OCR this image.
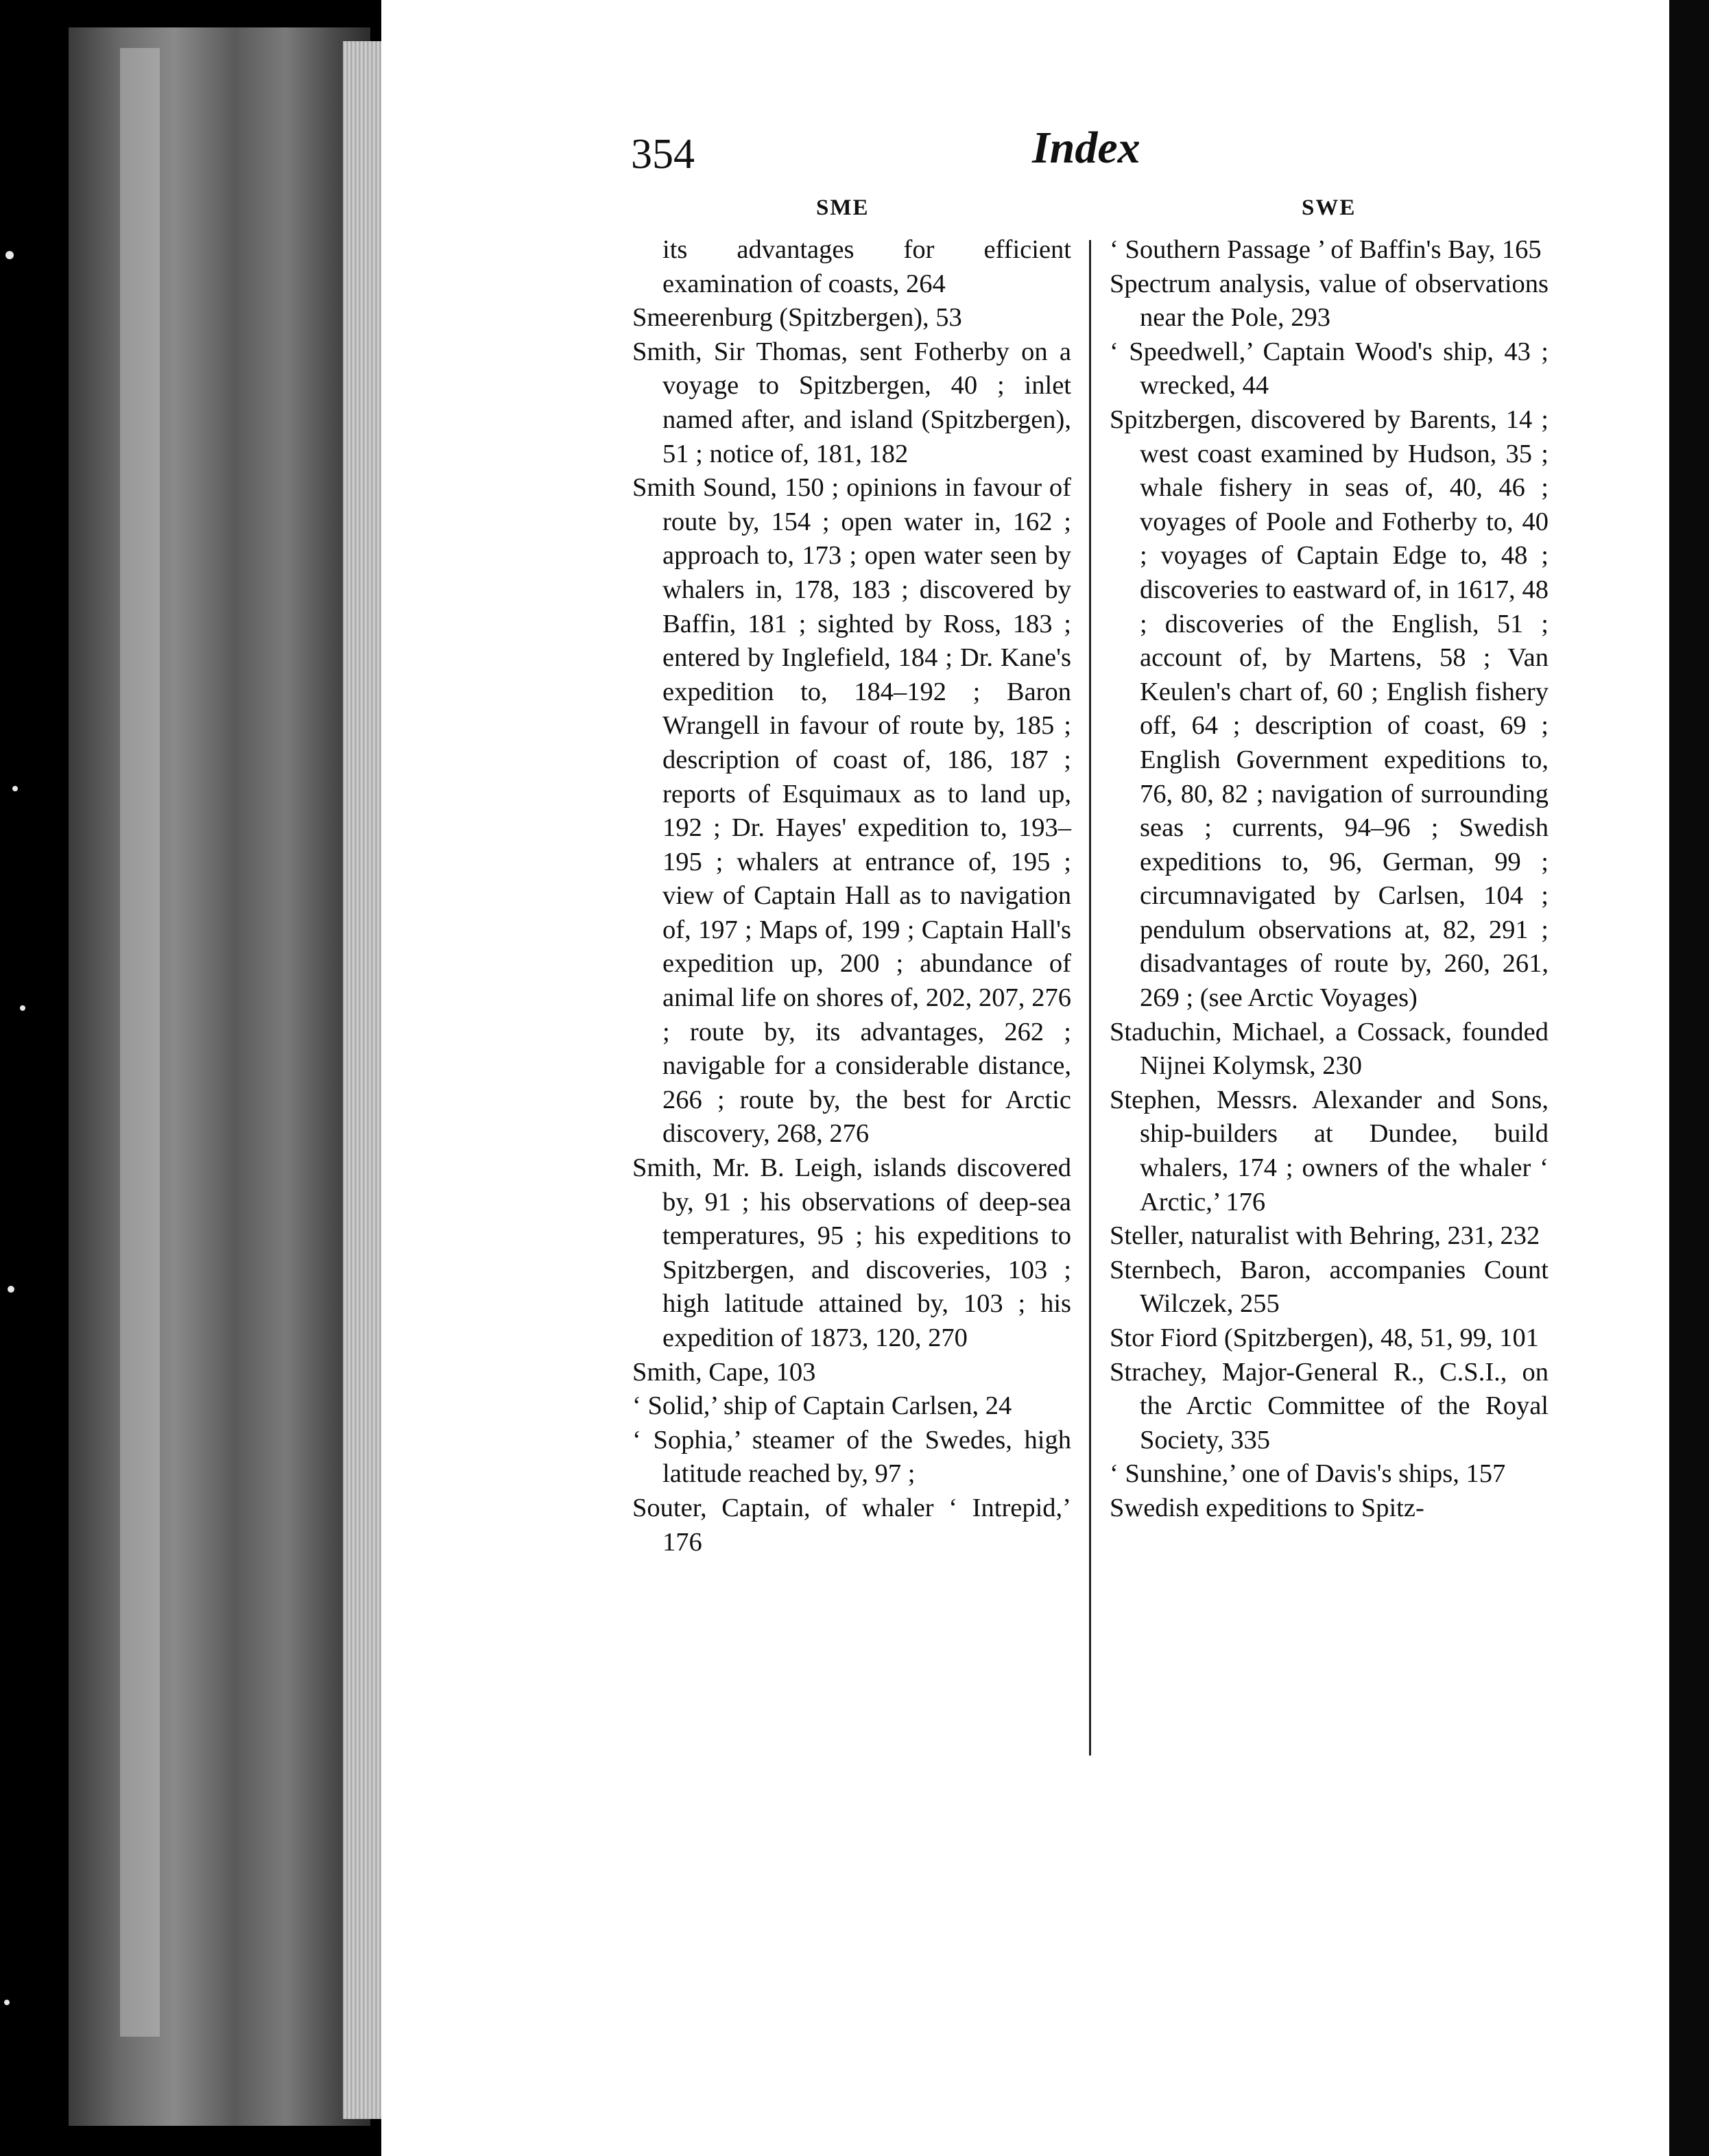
354	Index
SME	SWE

its advantages for efficient examination of coasts, 264

Smeerenburg (Spitzbergen), 53

Smith, Sir Thomas, sent Fotherby on a voyage to Spitzbergen, 40 ; inlet named after, and island (Spitzbergen), 51 ; notice of, 181, 182

Smith Sound, 150 ; opinions in favour of route by, 154 ; open water in, 162 ; approach to, 173 ; open water seen by whalers in, 178, 183 ; discovered by Baffin, 181 ; sighted by Ross, 183 ; entered by Inglefield, 184 ; Dr. Kane's expedition to, 184–192 ; Baron Wrangell in favour of route by, 185 ; description of coast of, 186, 187 ; reports of Esquimaux as to land up, 192 ; Dr. Hayes' expedition to, 193–195 ; whalers at entrance of, 195 ; view of Captain Hall as to navigation of, 197 ; Maps of, 199 ; Captain Hall's expedition up, 200 ; abundance of animal life on shores of, 202, 207, 276 ; route by, its advantages, 262 ; navigable for a considerable distance, 266 ; route by, the best for Arctic discovery, 268, 276

Smith, Mr. B. Leigh, islands discovered by, 91 ; his observations of deep-sea temperatures, 95 ; his expeditions to Spitzbergen, and discoveries, 103 ; high latitude attained by, 103 ; his expedition of 1873, 120, 270

Smith, Cape, 103

‘ Solid,’ ship of Captain Carlsen, 24

‘ Sophia,’ steamer of the Swedes, high latitude reached by, 97 ;

Souter, Captain, of whaler ‘ Intrepid,’ 176

‘ Southern Passage ’ of Baffin's Bay, 165

Spectrum analysis, value of observations near the Pole, 293

‘ Speedwell,’ Captain Wood's ship, 43 ; wrecked, 44

Spitzbergen, discovered by Barents, 14 ; west coast examined by Hudson, 35 ; whale fishery in seas of, 40, 46 ; voyages of Poole and Fotherby to, 40 ; voyages of Captain Edge to, 48 ; discoveries to eastward of, in 1617, 48 ; discoveries of the English, 51 ; account of, by Martens, 58 ; Van Keulen's chart of, 60 ; English fishery off, 64 ; description of coast, 69 ; English Government expeditions to, 76, 80, 82 ; navigation of surrounding seas ; currents, 94–96 ; Swedish expeditions to, 96, German, 99 ; circumnavigated by Carlsen, 104 ; pendulum observations at, 82, 291 ; disadvantages of route by, 260, 261, 269 ; (see Arctic Voyages)

Staduchin, Michael, a Cossack, founded Nijnei Kolymsk, 230

Stephen, Messrs. Alexander and Sons, ship-builders at Dundee, build whalers, 174 ; owners of the whaler ‘ Arctic,’ 176

Steller, naturalist with Behring, 231, 232

Sternbech, Baron, accompanies Count Wilczek, 255

Stor Fiord (Spitzbergen), 48, 51, 99, 101

Strachey, Major-General R., C.S.I., on the Arctic Committee of the Royal Society, 335

‘ Sunshine,’ one of Davis's ships, 157

Swedish expeditions to Spitz-
